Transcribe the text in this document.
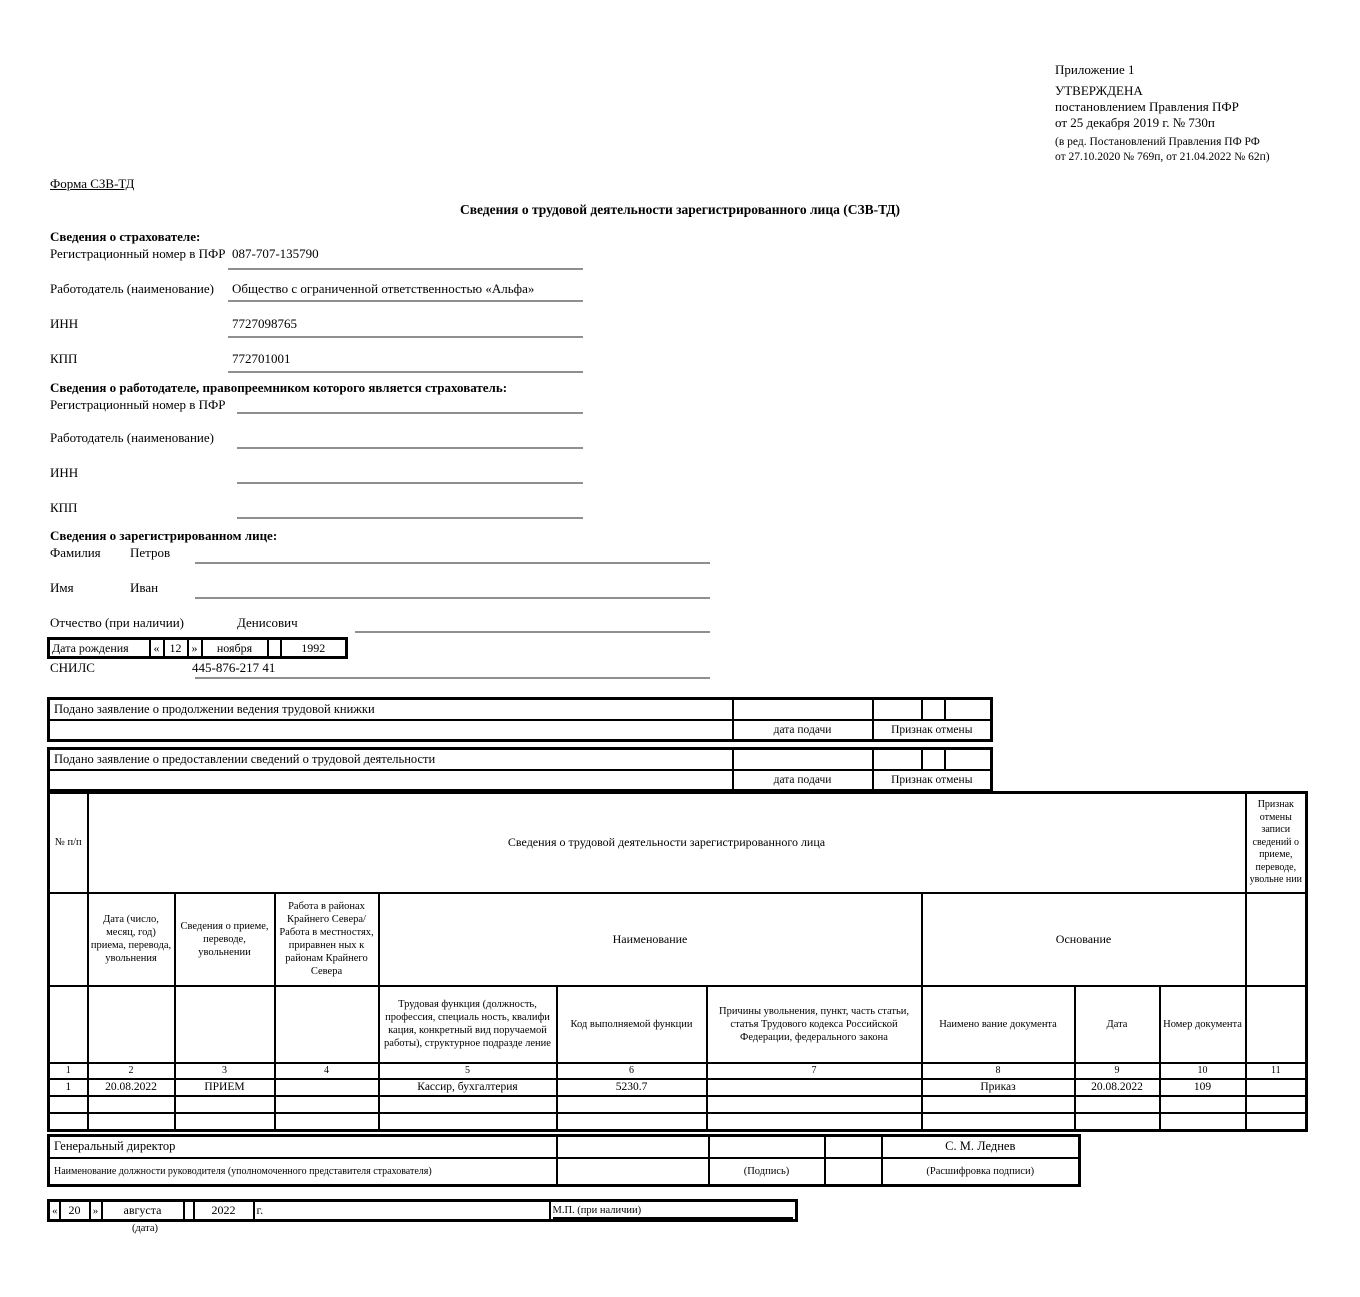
Приложение 1
УТВЕРЖДЕНА
постановлением Правления ПФР
от 25 декабря 2019 г. № 730п
(в ред. Постановлений Правления ПФ РФ
от 27.10.2020 № 769п, от 21.04.2022 № 62п)
Форма СЗВ-ТД
Сведения о трудовой деятельности зарегистрированного лица (СЗВ-ТД)
Сведения о страхователе:
Регистрационный номер в ПФР 087-707-135790
Работодатель (наименование) Общество с ограниченной ответственностью «Альфа»
ИНН	7727098765
КПП	772701001
Сведения о работодателе, правопреемником которого является страхователь:
Регистрационный номер в ПФР
Работодатель (наименование)
ИНН
КПП
Сведения о зарегистрированном лице:
Фамилия Петров
Имя	Иван
Отчество (при наличии)	Денисович
Дата рождения	«	12	»	ноября		1992
СНИЛС	445-876-217 41
Подано заявление о продолжении ведения трудовой книжки				
	дата подачи	Признак отмены		
Подано заявление о предоставлении сведений о трудовой деятельности				
	дата подачи	Признак отмены		
№ п/п	Сведения о трудовой деятельности зарегистрированного лица									Признак отмены записи сведений о приеме, переводе, увольне нии
	Дата (число, месяц, год) приема, перевода, увольнения	Сведения о приеме, переводе, увольнении	Работа в районах Крайнего Севера/Работа в местностях, приравнен ных к районам Крайнего Севера	Наименование			Основание			
				Трудовая функция (должность, профессия, специаль ность, квалифи кация, конкретный вид поручаемой работы), структурное подразде ление	Код выполняемой функции	Причины увольнения, пункт, часть статьи, статья Трудового кодекса Российской Федерации, федерального закона	Наимено вание документа	Дата	Номер документа	
1	2	3	4	5	6	7	8	9	10	11
1	20.08.2022	ПРИЕМ		Кассир, бухгалтерия	5230.7		Приказ	20.08.2022	109	

Генеральный директор				С. М. Леднев
Наименование должности руководителя (уполномоченного представителя страхователя)		(Подпись)		(Расшифровка подписи)
«	20	»	августа		2022	г.	М.П. (при наличии)
(дата)
